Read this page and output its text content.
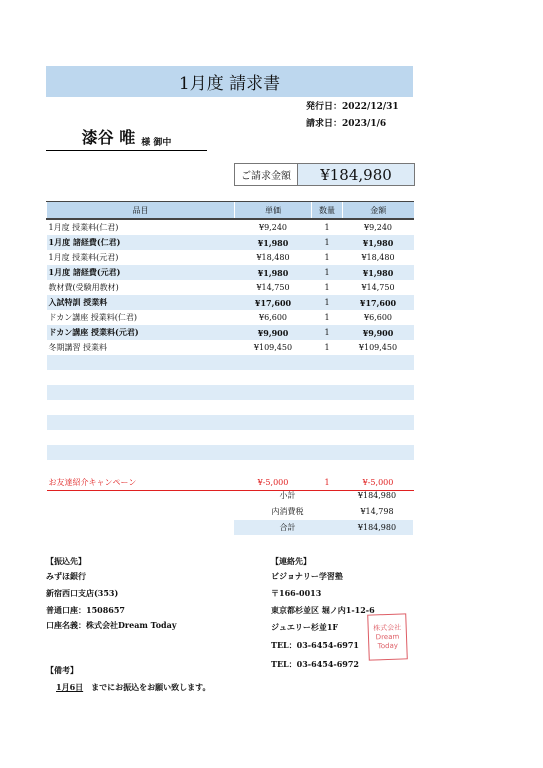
1月度 請求書
発行日：2022/12/31
請求日：2023/1/6
漆谷 唯 様 御中
ご請求金額	¥184,980
品目	単価	数量	金額
1月度 授業料(仁君)	¥9,240	1	¥9,240
1月度 諸経費(仁君)	¥1,980	1	¥1,980
1月度 授業料(元君)	¥18,480	1	¥18,480
1月度 諸経費(元君)	¥1,980	1	¥1,980
教材費(受験用教材)	¥14,750	1	¥14,750
入試特訓 授業料	¥17,600	1	¥17,600
ドカン講座 授業料(仁君)	¥6,600	1	¥6,600
ドカン講座 授業料(元君)	¥9,900	1	¥9,900
冬期講習 授業料	¥109,450	1	¥109,450

お友達紹介キャンペーン	¥-5,000	1	¥-5,000
小計	¥184,980
内消費税	¥14,798
合計	¥184,980
【振込先】
みずほ銀行
新宿西口支店(353)
普通口座：1508657
口座名義：株式会社Dream Today
【連絡先】
ビジョナリー学習塾
〒166-0013
東京都杉並区 堀ノ内1-12-6
ジュエリー杉並1F
TEL：03-6454-6971
TEL：03-6454-6972
株式会社
Dream
Today
【備考】
1月6日 までにお振込をお願い致します。
